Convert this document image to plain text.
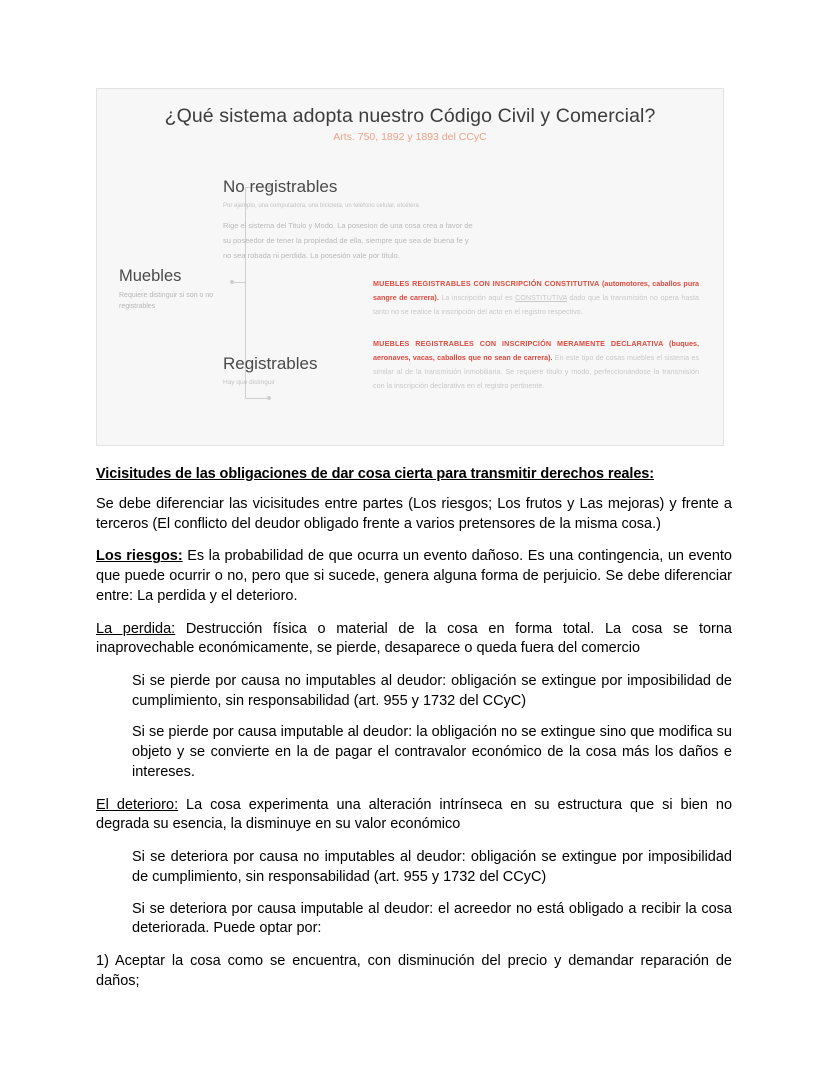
¿Qué sistema adopta nuestro Código Civil y Comercial?
Arts. 750, 1892 y 1893 del CCyC
Muebles
Requiere distinguir si son o no registrables
No registrables
Por ejemplo, una computadora, una bicicleta, un teléfono celular, etcétera
Rige el sistema del Titulo y Modo. La posesion de una cosa crea a favor de su poseedor de tener la propiedad de ella, siempre que sea de buena fe y no sea robada ni perdida. La posesión vale por título.
Registrables
Hay que distinguir

MUEBLES REGISTRABLES CON INSCRIPCIÓN CONSTITUTIVA (automotores, caballos pura sangre de carrera). La inscripción aquí es CONSTITUTIVA dado que la transmisión no opera hasta tanto no se realice la inscripción del acto en el registro respectivo.

MUEBLES REGISTRABLES CON INSCRIPCIÓN MERAMENTE DECLARATIVA (buques, aeronaves, vacas, caballos que no sean de carrera). En este tipo de cosas muebles el sistema es similar al de la transmisión inmobiliaria. Se requiere título y modo, perfeccionándose la transmisión con la inscripción declarativa en el registro pertinente.

Vicisitudes de las obligaciones de dar cosa cierta para transmitir derechos reales:

Se debe diferenciar las vicisitudes entre partes (Los riesgos; Los frutos y Las mejoras) y frente a terceros (El conflicto del deudor obligado frente a varios pretensores de la misma cosa.)

Los riesgos: Es la probabilidad de que ocurra un evento dañoso. Es una contingencia, un evento que puede ocurrir o no, pero que si sucede, genera alguna forma de perjuicio. Se debe diferenciar entre: La perdida y el deterioro.

La perdida: Destrucción física o material de la cosa en forma total. La cosa se torna inaprovechable económicamente, se pierde, desaparece o queda fuera del comercio

Si se pierde por causa no imputables al deudor: obligación se extingue por imposibilidad de cumplimiento, sin responsabilidad (art. 955 y 1732 del CCyC)
Si se pierde por causa imputable al deudor: la obligación no se extingue sino que modifica su objeto y se convierte en la de pagar el contravalor económico de la cosa más los daños e intereses.

El deterioro: La cosa experimenta una alteración intrínseca en su estructura que si bien no degrada su esencia, la disminuye en su valor económico

Si se deteriora por causa no imputables al deudor: obligación se extingue por imposibilidad de cumplimiento, sin responsabilidad (art. 955 y 1732 del CCyC)
Si se deteriora por causa imputable al deudor: el acreedor no está obligado a recibir la cosa deteriorada. Puede optar por:

1) Aceptar la cosa como se encuentra, con disminución del precio y demandar reparación de daños;
